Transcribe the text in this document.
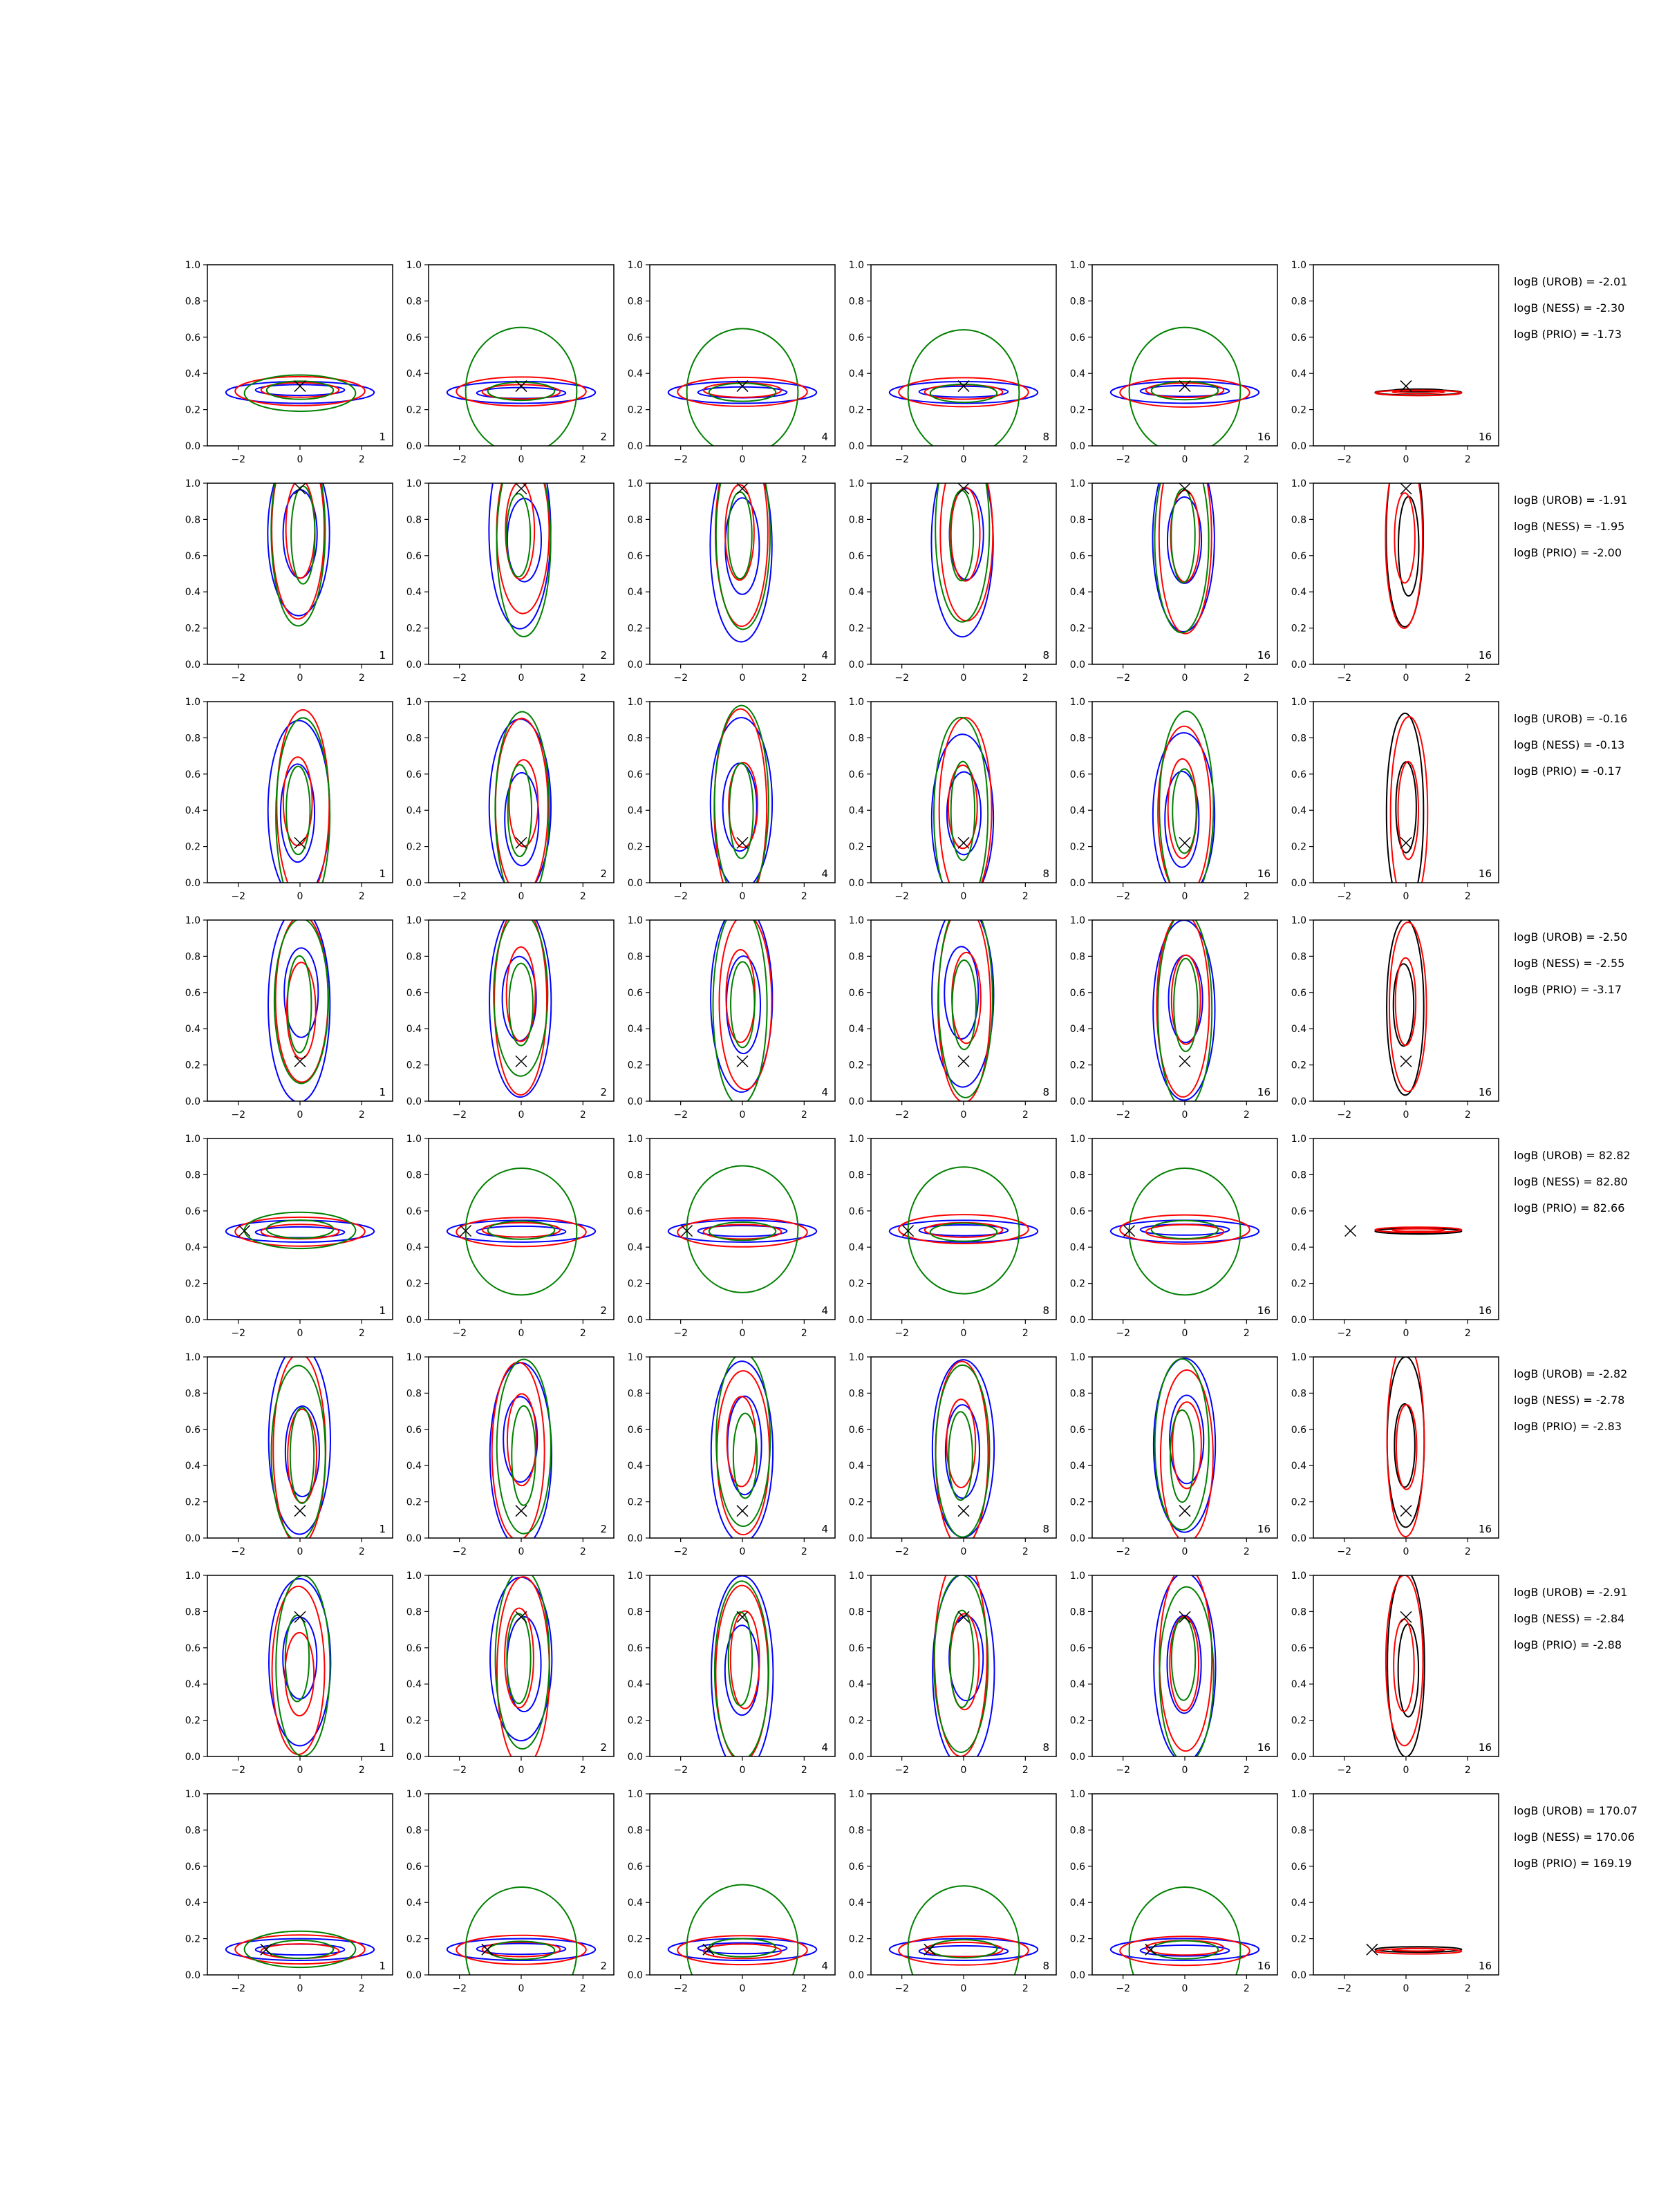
0.0
0.2
0.4
0.6
0.8
1.0
−2	0	2
1
0.0
0.2
0.4
0.6
0.8
1.0
−2	0	2
2
0.0
0.2
0.4
0.6
0.8
1.0
−2	0	2
4
0.0
0.2
0.4
0.6
0.8
1.0
−2	0	2
8
0.0
0.2
0.4
0.6
0.8
1.0
−2	0	2
16
0.0
0.2
0.4
0.6
0.8
1.0
−2	0	2
16
logB (UROB) = -2.01
logB (NESS) = -2.30
logB (PRIO) = -1.73
0.0
0.2
0.4
0.6
0.8
1.0
−2	0	2
1
0.0
0.2
0.4
0.6
0.8
1.0
−2	0	2
2
0.0
0.2
0.4
0.6
0.8
1.0
−2	0	2
4
0.0
0.2
0.4
0.6
0.8
1.0
−2	0	2
8
0.0
0.2
0.4
0.6
0.8
1.0
−2	0	2
16
0.0
0.2
0.4
0.6
0.8
1.0
−2	0	2
16
logB (UROB) = -1.91
logB (NESS) = -1.95
logB (PRIO) = -2.00
0.0
0.2
0.4
0.6
0.8
1.0
−2	0	2
1
0.0
0.2
0.4
0.6
0.8
1.0
−2	0	2
2
0.0
0.2
0.4
0.6
0.8
1.0
−2	0	2
4
0.0
0.2
0.4
0.6
0.8
1.0
−2	0	2
8
0.0
0.2
0.4
0.6
0.8
1.0
−2	0	2
16
0.0
0.2
0.4
0.6
0.8
1.0
−2	0	2
16
logB (UROB) = -0.16
logB (NESS) = -0.13
logB (PRIO) = -0.17
0.0
0.2
0.4
0.6
0.8
1.0
−2	0	2
1
0.0
0.2
0.4
0.6
0.8
1.0
−2	0	2
2
0.0
0.2
0.4
0.6
0.8
1.0
−2	0	2
4
0.0
0.2
0.4
0.6
0.8
1.0
−2	0	2
8
0.0
0.2
0.4
0.6
0.8
1.0
−2	0	2
16
0.0
0.2
0.4
0.6
0.8
1.0
−2	0	2
16
logB (UROB) = -2.50
logB (NESS) = -2.55
logB (PRIO) = -3.17
0.0
0.2
0.4
0.6
0.8
1.0
−2	0	2
1
0.0
0.2
0.4
0.6
0.8
1.0
−2	0	2
2
0.0
0.2
0.4
0.6
0.8
1.0
−2	0	2
4
0.0
0.2
0.4
0.6
0.8
1.0
−2	0	2
8
0.0
0.2
0.4
0.6
0.8
1.0
−2	0	2
16
0.0
0.2
0.4
0.6
0.8
1.0
−2	0	2
16
logB (UROB) = 82.82
logB (NESS) = 82.80
logB (PRIO) = 82.66
0.0
0.2
0.4
0.6
0.8
1.0
−2	0	2
1
0.0
0.2
0.4
0.6
0.8
1.0
−2	0	2
2
0.0
0.2
0.4
0.6
0.8
1.0
−2	0	2
4
0.0
0.2
0.4
0.6
0.8
1.0
−2	0	2
8
0.0
0.2
0.4
0.6
0.8
1.0
−2	0	2
16
0.0
0.2
0.4
0.6
0.8
1.0
−2	0	2
16
logB (UROB) = -2.82
logB (NESS) = -2.78
logB (PRIO) = -2.83
0.0
0.2
0.4
0.6
0.8
1.0
−2	0	2
1
0.0
0.2
0.4
0.6
0.8
1.0
−2	0	2
2
0.0
0.2
0.4
0.6
0.8
1.0
−2	0	2
4
0.0
0.2
0.4
0.6
0.8
1.0
−2	0	2
8
0.0
0.2
0.4
0.6
0.8
1.0
−2	0	2
16
0.0
0.2
0.4
0.6
0.8
1.0
−2	0	2
16
logB (UROB) = -2.91
logB (NESS) = -2.84
logB (PRIO) = -2.88
0.0
0.2
0.4
0.6
0.8
1.0
−2	0	2
1
0.0
0.2
0.4
0.6
0.8
1.0
−2	0	2
2
0.0
0.2
0.4
0.6
0.8
1.0
−2	0	2
4
0.0
0.2
0.4
0.6
0.8
1.0
−2	0	2
8
0.0
0.2
0.4
0.6
0.8
1.0
−2	0	2
16
0.0
0.2
0.4
0.6
0.8
1.0
−2	0	2
16
logB (UROB) = 170.07
logB (NESS) = 170.06
logB (PRIO) = 169.19
